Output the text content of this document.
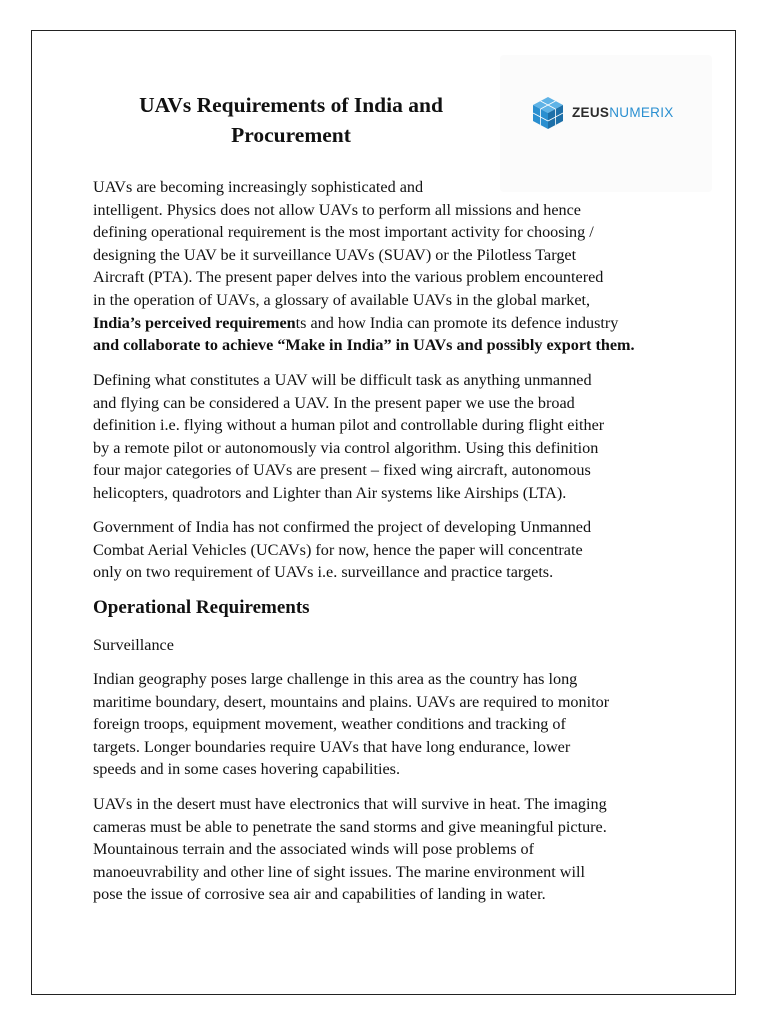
UAVs Requirements of India and
Procurement
ZEUSNUMERIX

UAVs are becoming increasingly sophisticated and
intelligent. Physics does not allow UAVs to perform all missions and hence
defining operational requirement is the most important activity for choosing /
designing the UAV be it surveillance UAVs (SUAV) or the Pilotless Target
Aircraft (PTA). The present paper delves into the various problem encountered
in the operation of UAVs, a glossary of available UAVs in the global market,
India’s perceived requirements and how India can promote its defence industry
and collaborate to achieve “Make in India” in UAVs and possibly export them.

Defining what constitutes a UAV will be difficult task as anything unmanned
and flying can be considered a UAV. In the present paper we use the broad
definition i.e. flying without a human pilot and controllable during flight either
by a remote pilot or autonomously via control algorithm. Using this definition
four major categories of UAVs are present – fixed wing aircraft, autonomous
helicopters, quadrotors and Lighter than Air systems like Airships (LTA).

Government of India has not confirmed the project of developing Unmanned
Combat Aerial Vehicles (UCAVs) for now, hence the paper will concentrate
only on two requirement of UAVs i.e. surveillance and practice targets.

Operational Requirements

Surveillance

Indian geography poses large challenge in this area as the country has long
maritime boundary, desert, mountains and plains. UAVs are required to monitor
foreign troops, equipment movement, weather conditions and tracking of
targets. Longer boundaries require UAVs that have long endurance, lower
speeds and in some cases hovering capabilities.

UAVs in the desert must have electronics that will survive in heat. The imaging
cameras must be able to penetrate the sand storms and give meaningful picture.
Mountainous terrain and the associated winds will pose problems of
manoeuvrability and other line of sight issues. The marine environment will
pose the issue of corrosive sea air and capabilities of landing in water.
